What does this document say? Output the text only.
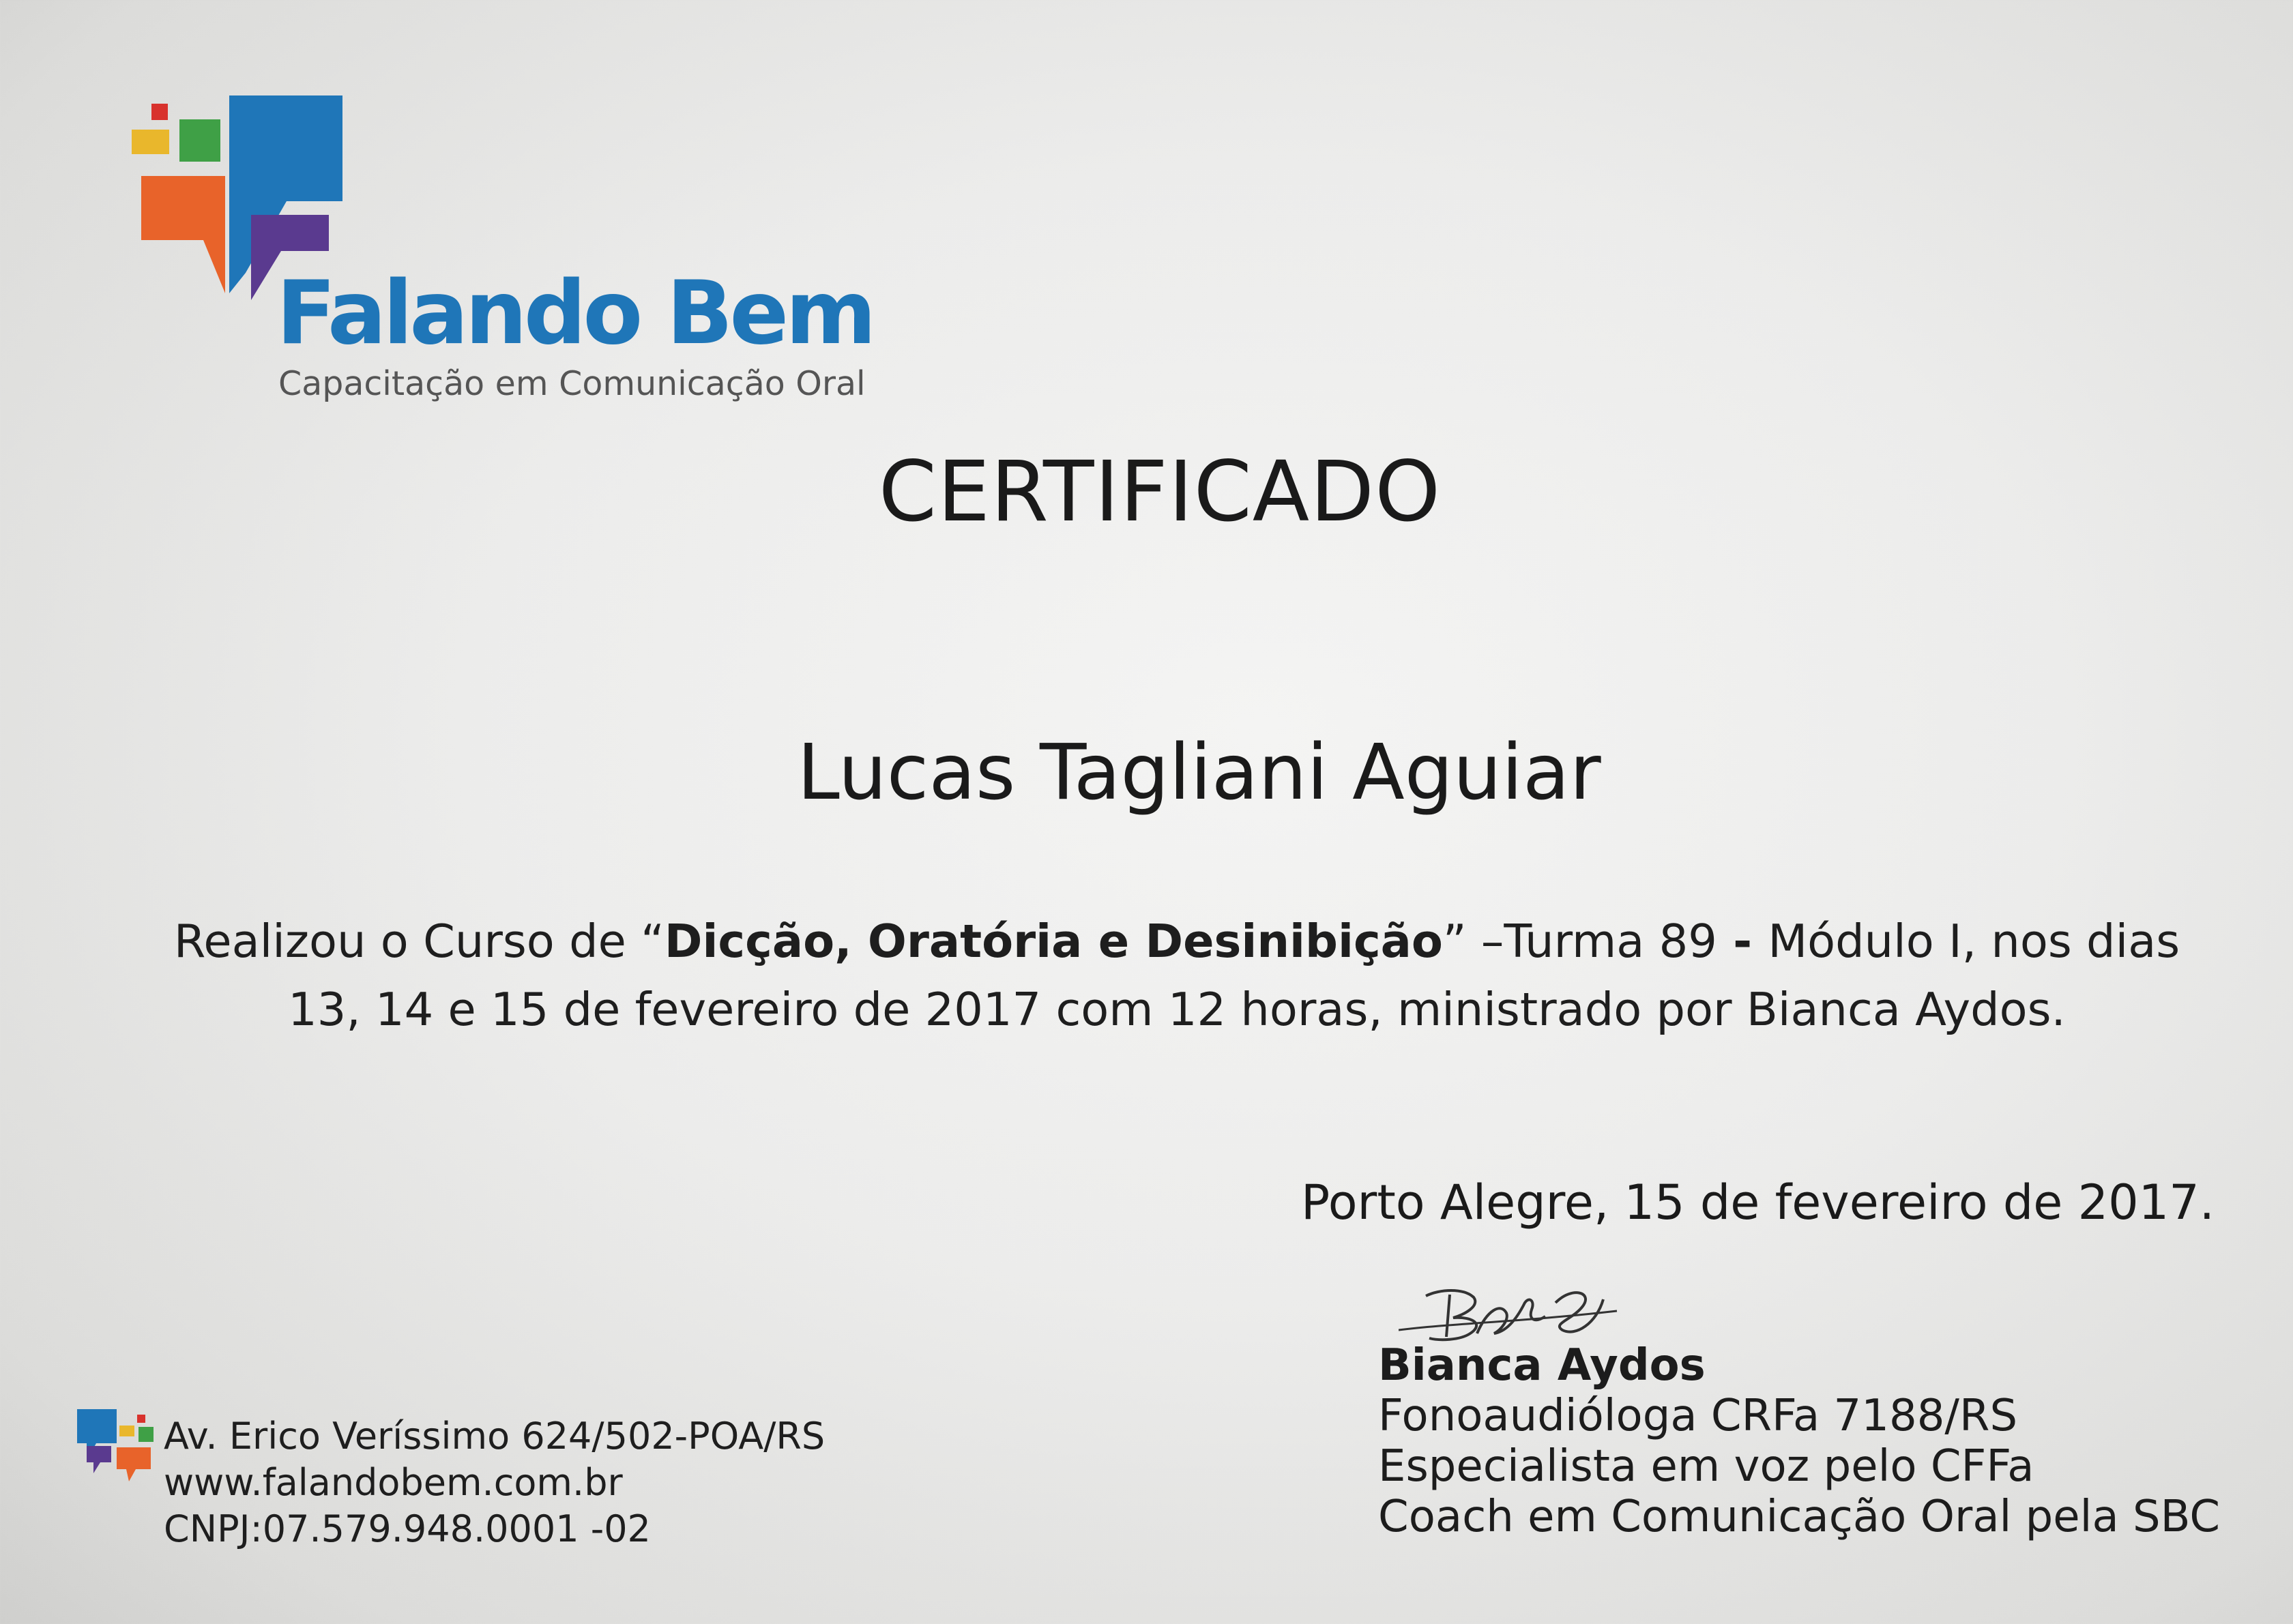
Falando Bem
Capacitação em Comunicação Oral
CERTIFICADO
Lucas Tagliani Aguiar
Realizou o Curso de “Dicção, Oratória e Desinibição” –Turma 89 - Módulo I, nos dias 13, 14 e 15 de fevereiro de 2017 com 12 horas, ministrado por Bianca Aydos.
Porto Alegre, 15 de fevereiro de 2017.
Bianca Aydos
Fonoaudióloga CRFa 7188/RS
Especialista em voz pelo CFFa
Coach em Comunicação Oral pela SBC
Av. Erico Veríssimo 624/502-POA/RS
www.falandobem.com.br
CNPJ:07.579.948.0001 -02
